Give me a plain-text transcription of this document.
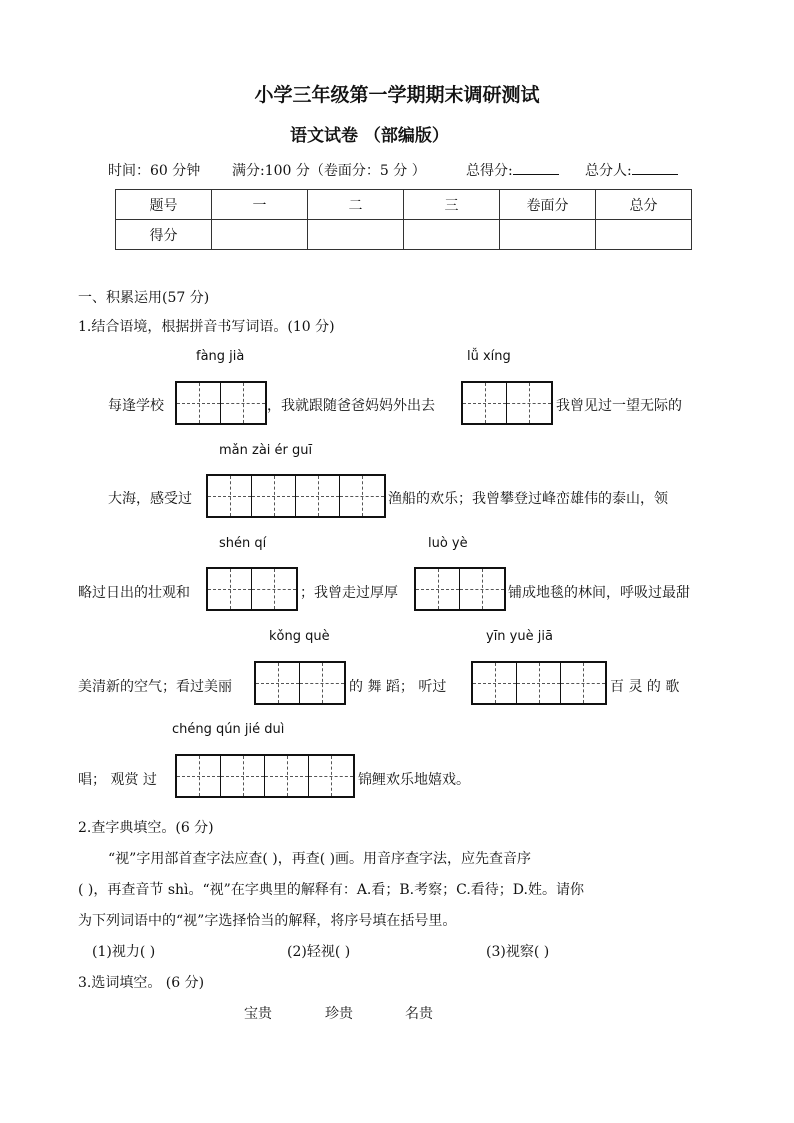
小学三年级第一学期期末调研测试
语文试卷 （部编版）
时间：60 分钟 满分:100 分（卷面分：5 分 ）	总得分:	总分人:
题号	一	二	三	卷面分	总分
得分					
一、积累运用(57 分)
1.结合语境，根据拼音书写词语。(10 分)
fàng jià	lǚ xíng
每逢学校	，我就跟随爸爸妈妈外出去	我曾见过一望无际的
mǎn zài ér guī
大海，感受过	渔船的欢乐；我曾攀登过峰峦雄伟的泰山，领
shén qí	luò yè
略过日出的壮观和	；我曾走过厚厚	铺成地毯的林间，呼吸过最甜
kǒng què	yīn yuè jiā
美清新的空气；看过美丽	的 舞 蹈； 听过	百 灵 的 歌
chéng qún jié duì
唱； 观赏 过	锦鲤欢乐地嬉戏。
2.查字典填空。(6 分)
“视”字用部首查字法应查( )，再查( )画。用音序查字法，应先查音序
( )，再查音节 shì。“视”在字典里的解释有：A.看；B.考察；C.看待；D.姓。请你
为下列词语中的“视”字选择恰当的解释，将序号填在括号里。
(1)视力( )	(2)轻视( )	(3)视察( )
3.选词填空。 (6 分)
宝贵	珍贵	名贵
